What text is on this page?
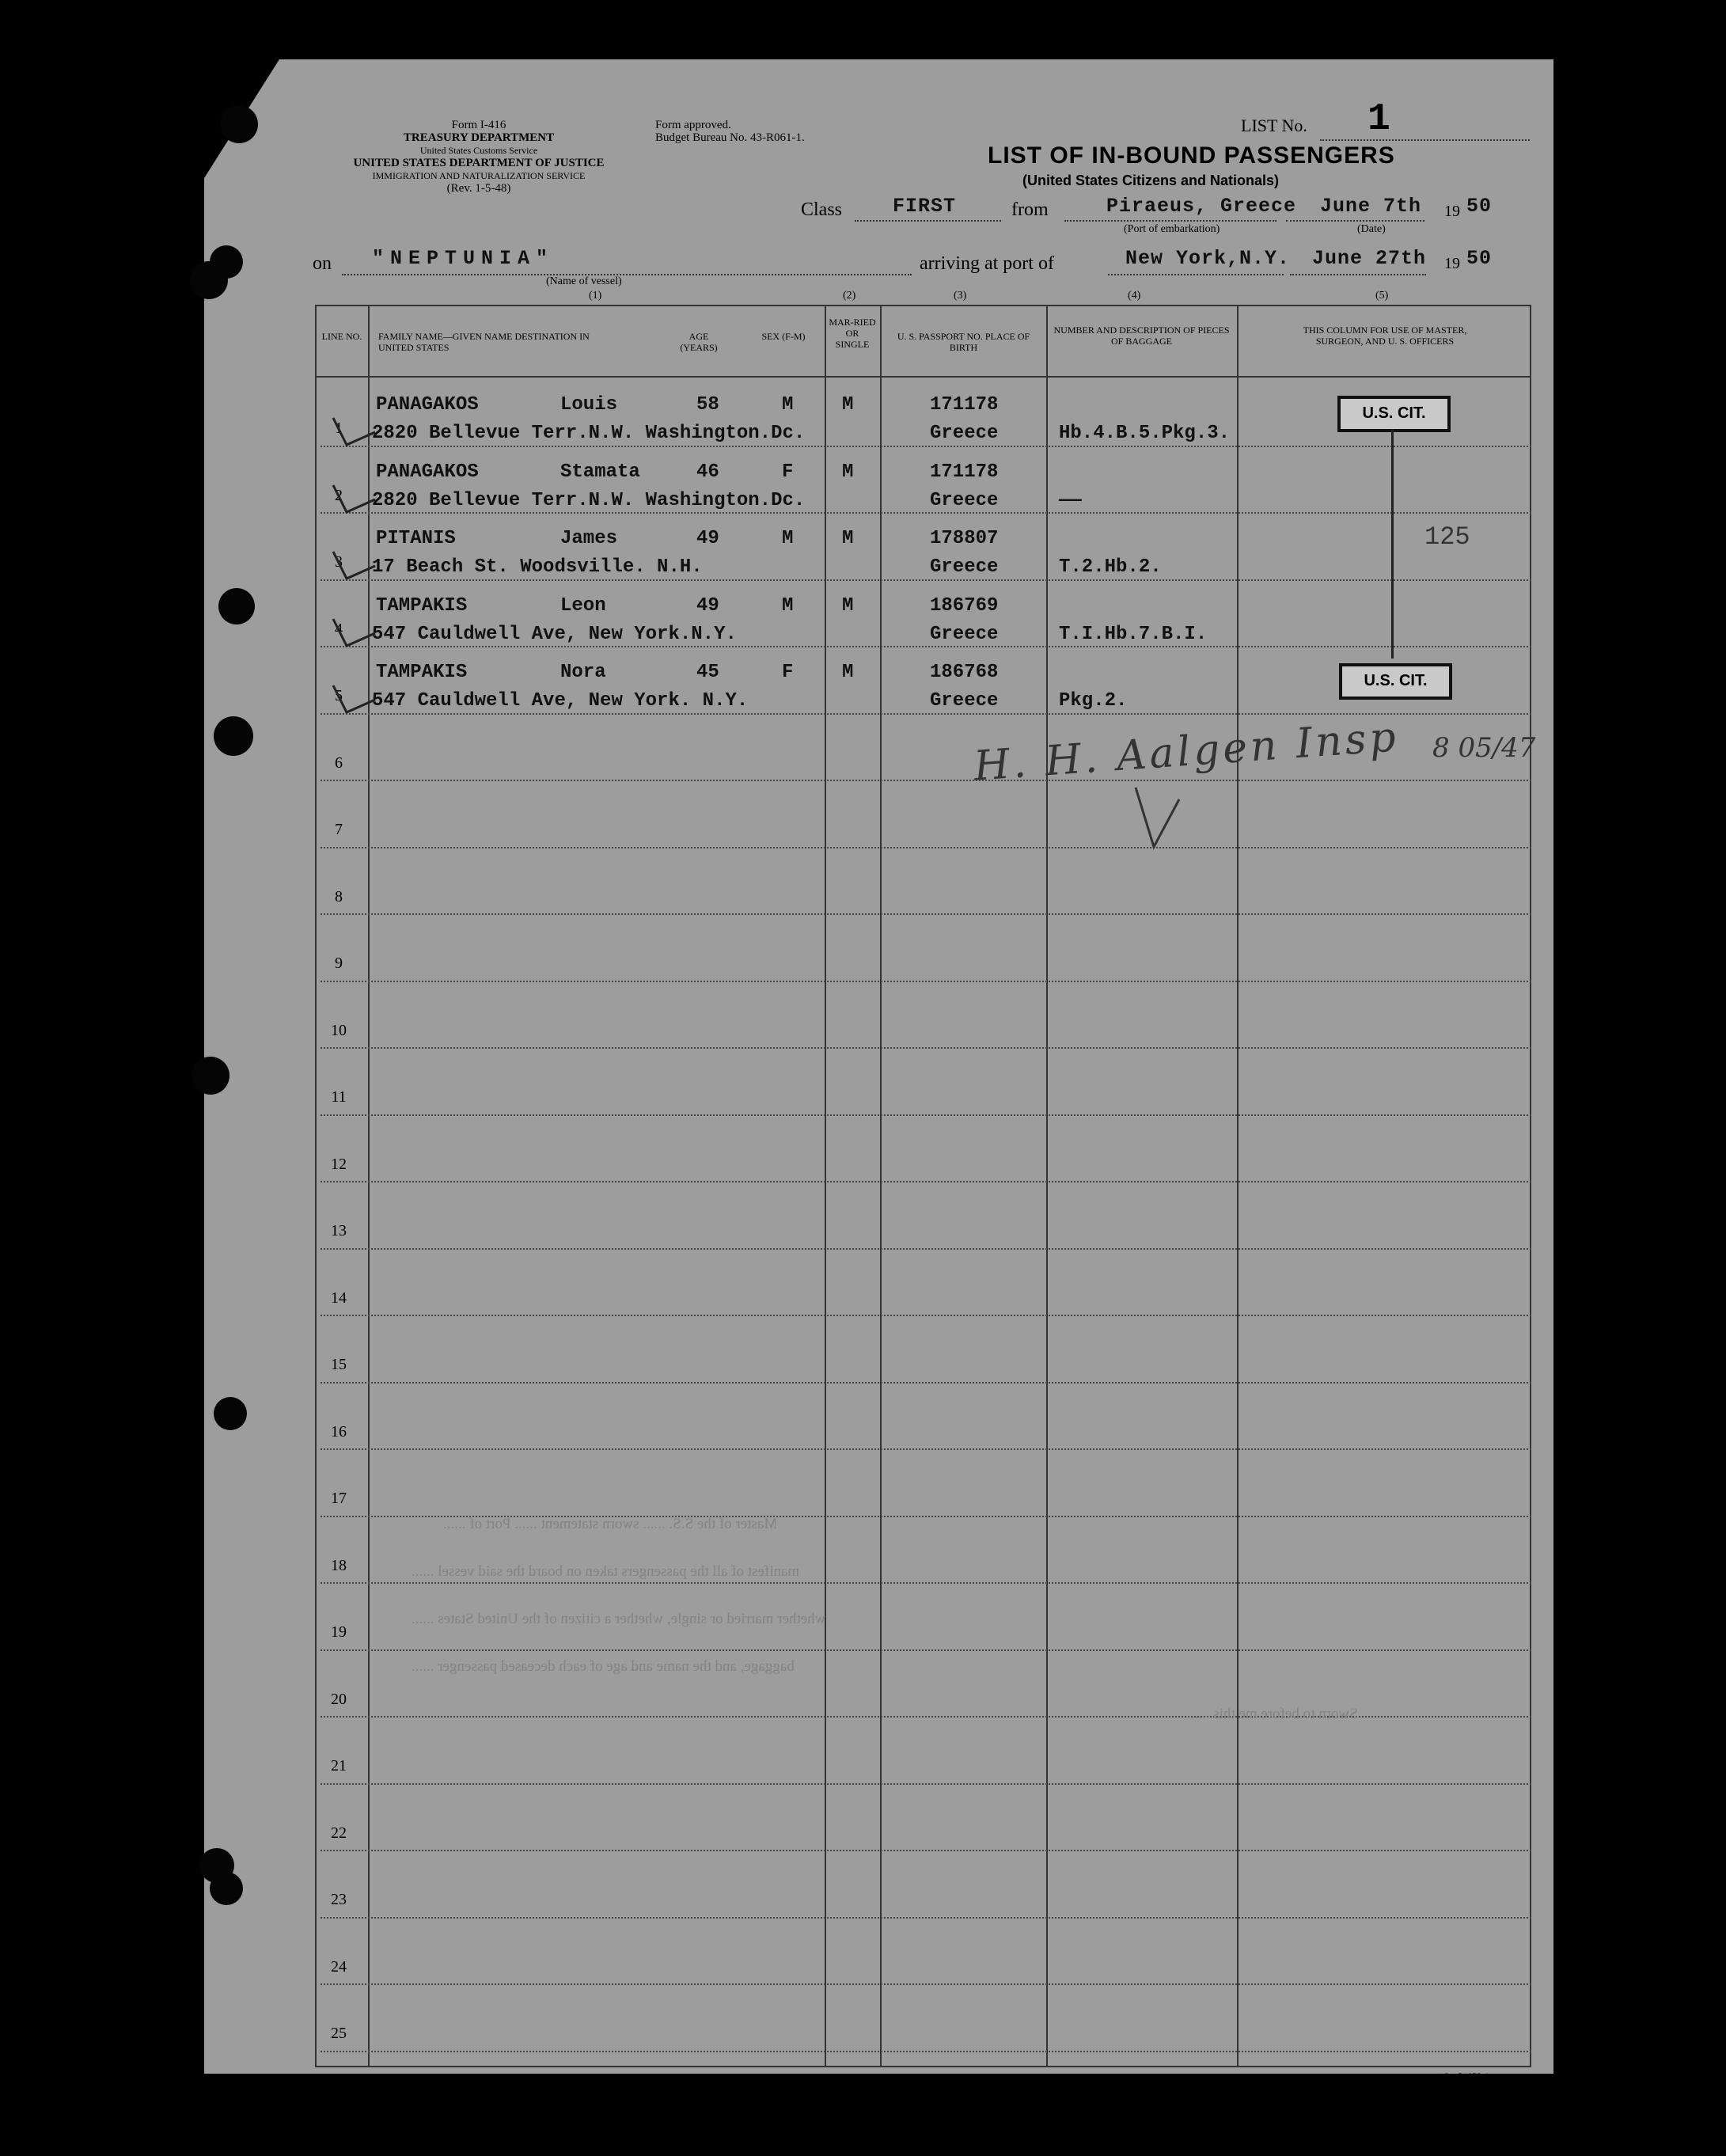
Form I-416
TREASURY DEPARTMENT
United States Customs Service
UNITED STATES DEPARTMENT OF JUSTICE
IMMIGRATION AND NATURALIZATION SERVICE
(Rev. 1-5-48)
Form approved.
Budget Bureau No. 43-R061-1.
LIST No. 1
LIST OF IN-BOUND PASSENGERS
(United States Citizens and Nationals)
Class	FIRST	from	Piraeus, Greece
(Port of embarkation)
June 7th
(Date)
19 50
on "NEPTUNIA"
(Name of vessel)
arriving at port of	New York,N.Y. June 27th 19 50
(1)	(2)	(3)	(4)	(5)
LINE NO.	FAMILY NAME—GIVEN NAME DESTINATION IN UNITED STATES
AGE (YEARS)
SEX (F-M)
MAR-RIED OR SINGLE
U. S. PASSPORT NO. PLACE OF BIRTH
NUMBER AND DESCRIPTION OF PIECES OF BAGGAGE
THIS COLUMN FOR USE OF MASTER, SURGEON, AND U. S. OFFICERS
1
PANAGAKOS	Louis	58	M	M	171178
2820 Bellevue Terr.N.W. Washington.Dc.	Greece	Hb.4.B.5.Pkg.3.
2
PANAGAKOS	Stamata	46	F	M	171178
2820 Bellevue Terr.N.W. Washington.Dc.	Greece	——
3
PITANIS	James	49	M	M	178807
17 Beach St. Woodsville. N.H.	Greece	T.2.Hb.2.
4
TAMPAKIS	Leon	49	M	M	186769
547 Cauldwell Ave, New York.N.Y.	Greece	T.I.Hb.7.B.I.
5
TAMPAKIS	Nora	45	F	M	186768
547 Cauldwell Ave, New York. N.Y.	Greece	Pkg.2.
6
7
8
9
10
11
12
13
14
15
16
17
18
19
20
21
22
23
24
25
U.S. CIT.
U.S. CIT.
125
H. H. Aalgen Insp 8 05/47
Master of the S.S. ...... sworn statement ...... Port of ......
manifest of all the passengers taken on board the said vessel ......
whether married or single, whether a citizen of the United States ......
baggage, and the name and age of each deceased passenger ......
Sworn to before me this ......
16—54652-1
